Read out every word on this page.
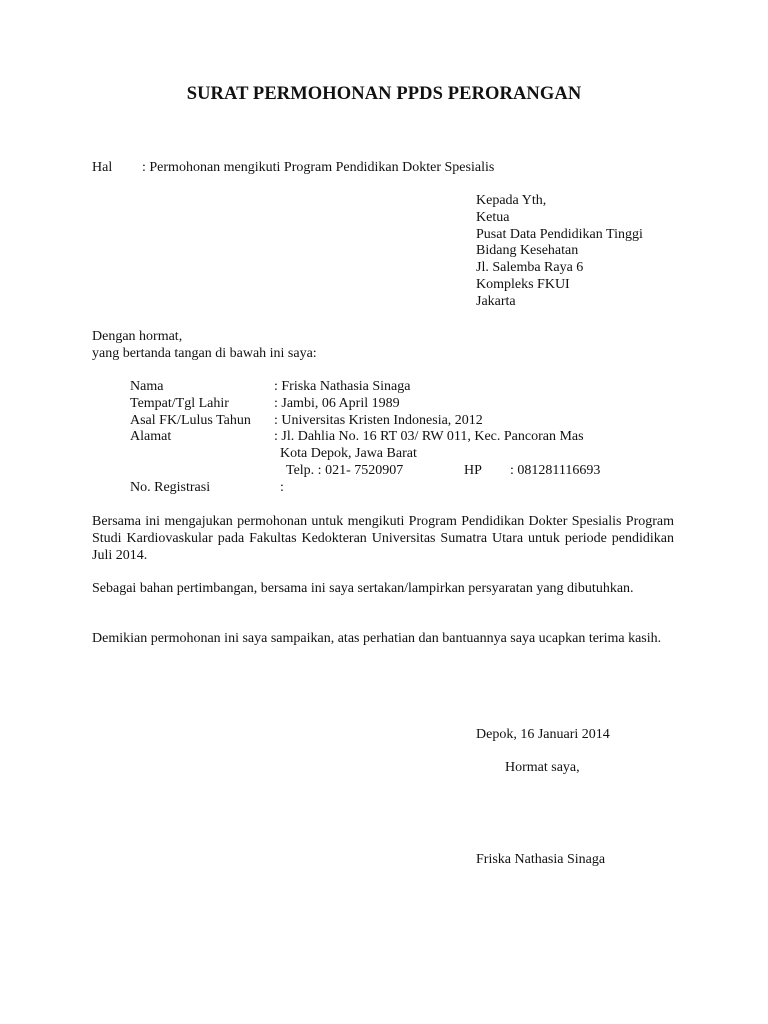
SURAT PERMOHONAN PPDS PERORANGAN
Hal	: Permohonan mengikuti Program Pendidikan Dokter Spesialis
Kepada Yth,
Ketua
Pusat Data Pendidikan Tinggi
Bidang Kesehatan
Jl. Salemba Raya 6
Kompleks FKUI
Jakarta
Dengan hormat,
yang bertanda tangan di bawah ini saya:
Nama	: Friska Nathasia Sinaga
Tempat/Tgl Lahir	: Jambi, 06 April 1989
Asal FK/Lulus Tahun : Universitas Kristen Indonesia, 2012
Alamat	: Jl. Dahlia No. 16 RT 03/ RW 011, Kec. Pancoran Mas
Kota Depok, Jawa Barat
Telp. : 021- 7520907	HP : 081281116693
No. Registrasi	:
Bersama ini mengajukan permohonan untuk mengikuti Program Pendidikan Dokter Spesialis Program Studi Kardiovaskular pada Fakultas Kedokteran Universitas Sumatra Utara untuk periode pendidikan Juli 2014.
Sebagai bahan pertimbangan, bersama ini saya sertakan/lampirkan persyaratan yang dibutuhkan.
Demikian permohonan ini saya sampaikan, atas perhatian dan bantuannya saya ucapkan terima kasih.
Depok, 16 Januari 2014
Hormat saya,
Friska Nathasia Sinaga
